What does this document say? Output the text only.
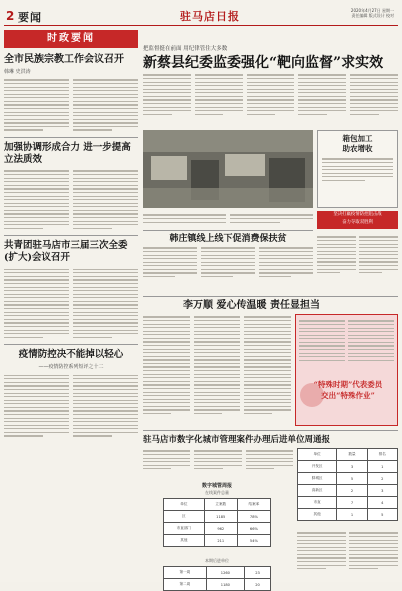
2 要闻	驻马店日报	2020年4月27日 星期一
责任编辑 版式设计 校对
时政要闻
全市民族宗教工作会议召开
韩琳 史洪涛
加强协调形成合力 进一步提高立法质效
共青团驻马店市三届三次全委(扩大)会议召开
疫情防控决不能掉以轻心
——疫情防控系列短评之十二
把监督挺在前面 用纪律管住大多数
新蔡县纪委监委强化“靶向监督”求实效
箱包加工
助农增收
坚决打赢疫情防控阻击战
奋力夺取双胜利
韩庄镇线上线下促消费保扶贫
李万顺 爱心传温暖 责任显担当
“特殊时期”代表委员
交出“特殊作业”
驻马店市数字化城市管理案件办理后进单位周通报
数字城管周报
在线案件总量
单位	立案数	结案率
区	1185	78%
市直部门	962	66%
其他	211	54%
单位	数量	排名
开发区	3	1
驿城区	5	2
高新区	2	3
市直	7	4
其他	1	5
本期后进单位
第一周	1260	23
第二周	1180	20
